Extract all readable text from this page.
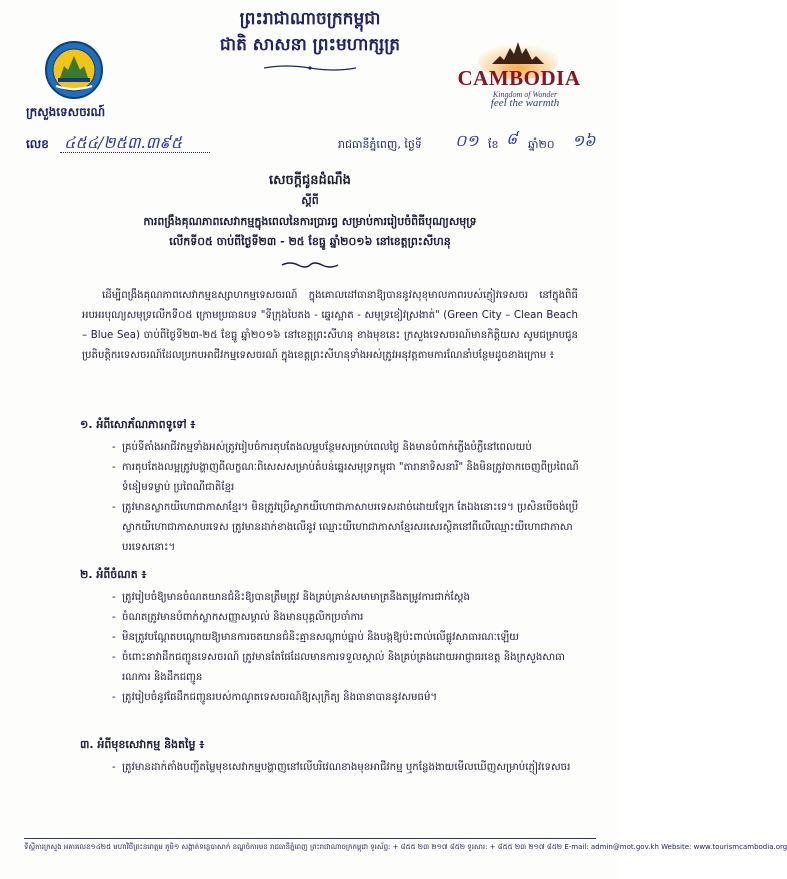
ព្រះរាជាណាចក្រកម្ពុជា
ជាតិ សាសនា ព្រះមហាក្សត្រ
ក្រសួងទេសចរណ៍
CAMBODIA
Kingdom of Wonder
feel the warmth
លេខ ៤៥៤/២៥៣.៣៩៥	រាជធានីភ្នំពេញ, ថ្ងៃទី ០១ ខែ ៨ ឆ្នាំ២០ ១៦
សេចក្តីជូនដំណឹង
ស្តីពី
ការពង្រឹងគុណភាពសេវាកម្មក្នុងពេលនៃការប្រារព្ធ សម្រាប់ការរៀបចំពិធីបុណ្យសមុទ្រ
លើកទី០៥ ចាប់ពីថ្ងៃទី២៣ - ២៥ ខែធ្នូ ឆ្នាំ២០១៦ នៅខេត្តព្រះសីហនុ

ដើម្បីពង្រឹងគុណភាពសេវាកម្មឧស្សាហកម្មទេសចរណ៍ ក្នុងគោលដៅធានាឱ្យបាននូវសុខុមាលភាពរបស់ភ្ញៀវទេសចរ នៅក្នុងពិធីអបអរបុណ្យសមុទ្រលើកទី០៥ ក្រោមប្រធានបទ "ទីក្រុងបៃតង - ឆ្នេរស្អាត - សមុទ្រខៀវស្រងាត់" (Green City – Clean Beach – Blue Sea) ចាប់ពីថ្ងៃទី២៣-២៥ ខែធ្នូ ឆ្នាំ២០១៦ នៅខេត្តព្រះសីហនុ ខាងមុខនេះ ក្រសួងទេសចរណ៍មានកិត្តិយស សូមជម្រាបជូនប្រតិបត្តិករទេសចរណ៍ដែលប្រកបអាជីវកម្មទេសចរណ៍ ក្នុងខេត្តព្រះសីហនុទាំងអស់ត្រូវអនុវត្តតាមការណែនាំបន្ថែមដូចខាងក្រោម ៖

១. អំពីសោភ័ណភាពទូទៅ ៖

- គ្រប់ទីតាំងអាជីវកម្មទាំងអស់ត្រូវរៀបចំការតុបតែងលម្អបន្ថែមសម្រាប់ពេលថ្ងៃ និងមានបំពាក់ភ្លើងបំភ្លឺនៅពេលយប់

- ការតុបតែងលម្អត្រូវបង្ហាញពីលក្ខណៈពិសេសសម្រាប់តំបន់ឆ្នេរសមុទ្រកម្ពុជា "តារានាទិសនារី" និងមិនត្រូវចាកចេញពីប្រពៃណី ទំនៀមទម្លាប់ ប្រពៃណីជាតិខ្មែរ

- ត្រូវមានស្លាកយីហោជាភាសាខ្មែរ។ មិនត្រូវប្រើស្លាកយីហោជាភាសាបរទេសដាច់ដោយឡែក តែឯងនោះទេ។ ប្រសិនបើចង់ប្រើស្លាកយីហោជាភាសាបរទេស ត្រូវមានដាក់ខាងលើនូវ ឈ្មោះយីហោជាភាសាខ្មែរសរសេរស្ថិតនៅពីលើឈ្មោះយីហោជាភាសាបរទេសនោះ។

២. អំពីចំណត ៖

- ត្រូវរៀបចំឱ្យមានចំណតយានជំនិះឱ្យបានត្រឹមត្រូវ និងគ្រប់គ្រាន់សមាមាត្រនឹងតម្រូវការជាក់ស្តែង

- ចំណតត្រូវមានបំពាក់ស្លាកសញ្ញាសម្គាល់ និងមានបុគ្គលិកប្រចាំការ

- មិនត្រូវបណ្តែតបណ្តោយឱ្យមានការចតយានជំនិះគ្មានសណ្តាប់ធ្នាប់ និងបង្កឱ្យប៉ះពាល់លើផ្លូវសាធារណៈឡើយ

- ចំពោះនាវាដឹកជញ្ជូនទេសចរណ៍ ត្រូវមានតែផែដែលមានការទទួលស្គាល់ និងគ្រប់គ្រងដោយអាជ្ញាធរខេត្ត និងក្រសួងសាធារណការ និងដឹកជញ្ជូន

- ត្រូវរៀបចំនូវផែដឹកជញ្ជូនរបស់កាណូតទេសចរណ៍ឱ្យសុក្រិត្យ និងធានាបាននូវសមធម៌។

៣. អំពីមុខសេវាកម្ម និងតម្លៃ ៖

- ត្រូវមានដាក់តាំងបញ្ជីតម្លៃមុខសេវាកម្មបង្ហាញនៅលើបរិវេណខាងមុខអាជីវកម្ម ឬកន្លែងងាយមើលឃើញសម្រាប់ភ្ញៀវទេសចរ

ទីស្តីការក្រសួង អគារលេខ១៤២៥ មហាវិថីព្រះនរោត្តម ភូមិ១ សង្កាត់ទន្លេបាសាក់ ខណ្ឌចំការមន រាជធានីភ្នំពេញ ព្រះរាជាណាចក្រកម្ពុជា ទូរស័ព្ទ: + ៨៥៥ ២៣ ២១៧ ៨៥២ ទូរសារ: + ៨៥៥ ២៣ ២១៧ ៨៥២ E-mail: admin@mot.gov.kh Website: www.tourismcambodia.org
